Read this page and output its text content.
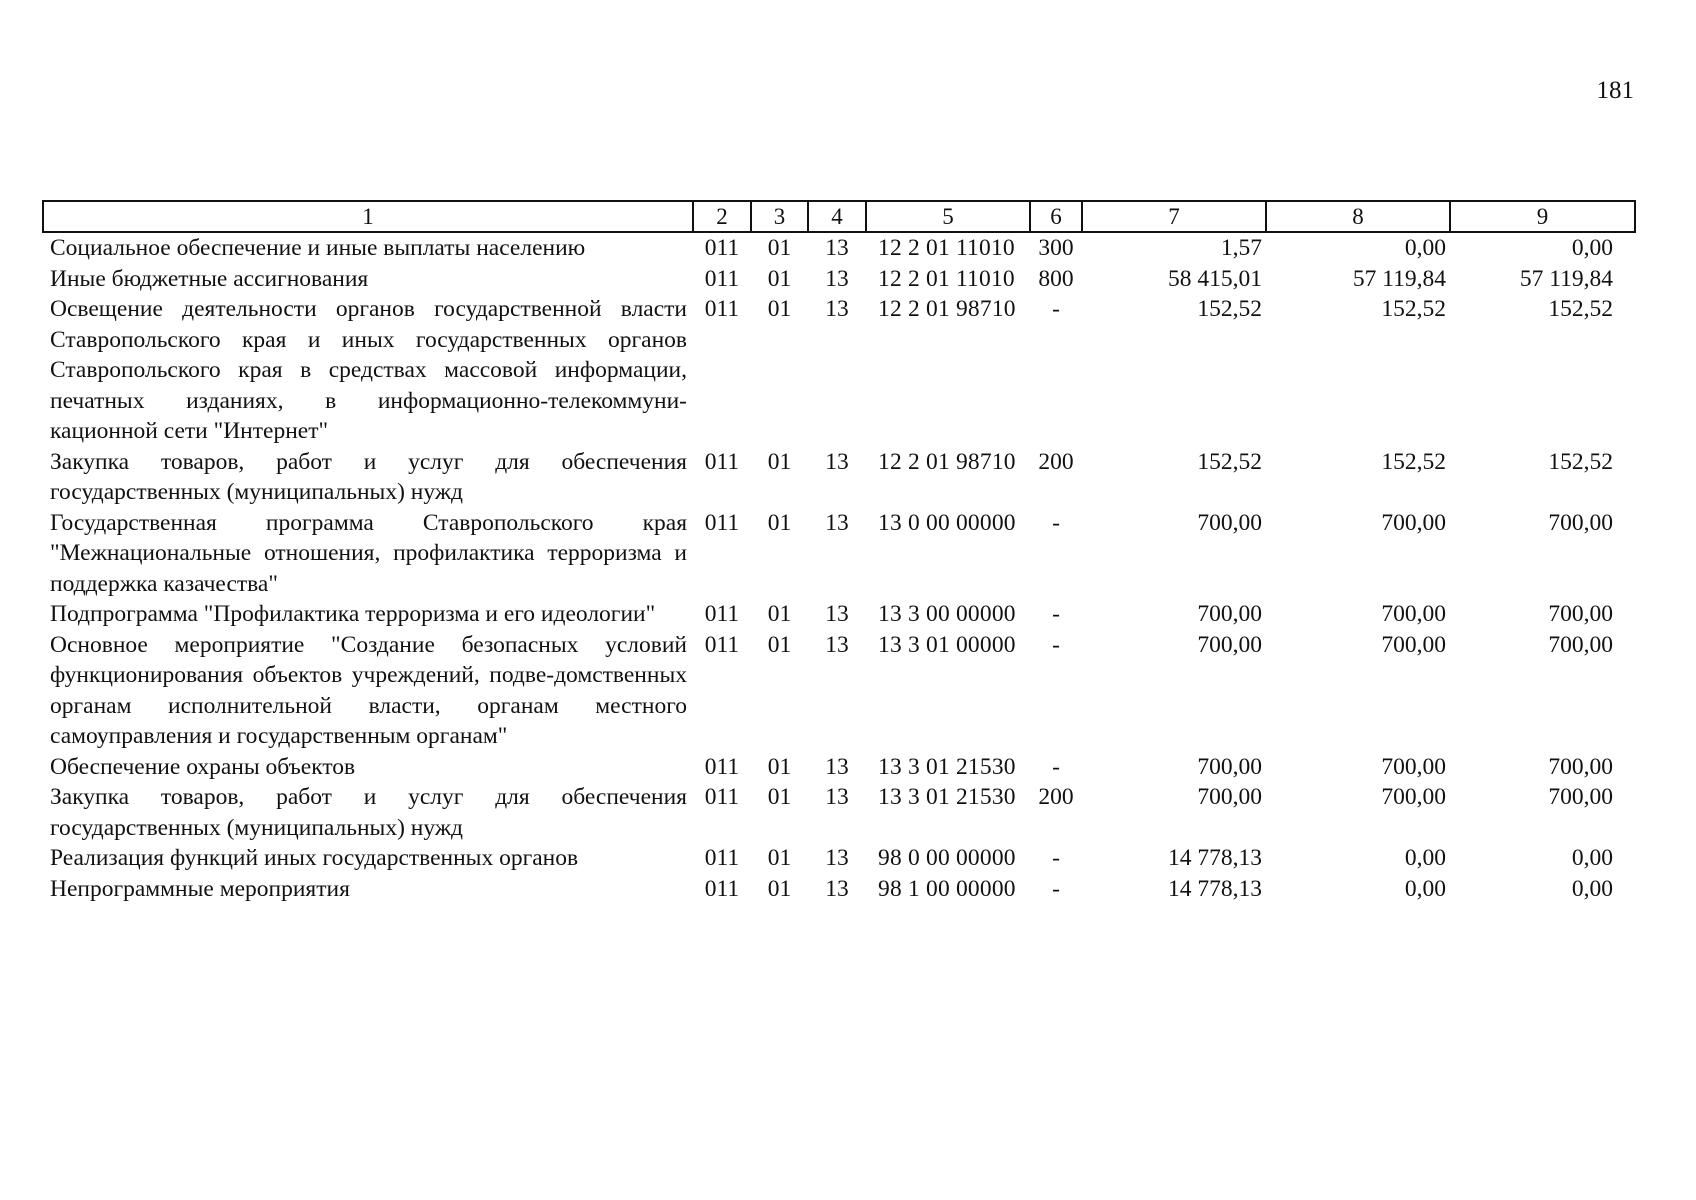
181
1	2	3	4	5	6	7	8	9
Социальное обеспечение и иные выплаты населению	011	01	13	12 2 01 11010	300	1,57	0,00	0,00
Иные бюджетные ассигнования	011	01	13	12 2 01 11010	800	58 415,01	57 119,84	57 119,84
Освещение деятельности органов государственной власти Ставропольского края и иных государственных органов Ставропольского края в средствах массовой информации, печатных изданиях, в информационно-телекоммуни-кационной сети "Интернет"	011	01	13	12 2 01 98710	-	152,52	152,52	152,52
Закупка товаров, работ и услуг для обеспечения государственных (муниципальных) нужд	011	01	13	12 2 01 98710	200	152,52	152,52	152,52
Государственная программа Ставропольского края "Межнациональные отношения, профилактика терроризма и поддержка казачества"	011	01	13	13 0 00 00000	-	700,00	700,00	700,00
Подпрограмма "Профилактика терроризма и его идеологии"	011	01	13	13 3 00 00000	-	700,00	700,00	700,00
Основное мероприятие "Создание безопасных условий функционирования объектов учреждений, подве-домственных органам исполнительной власти, органам местного самоуправления и государственным органам"	011	01	13	13 3 01 00000	-	700,00	700,00	700,00
Обеспечение охраны объектов	011	01	13	13 3 01 21530	-	700,00	700,00	700,00
Закупка товаров, работ и услуг для обеспечения государственных (муниципальных) нужд	011	01	13	13 3 01 21530	200	700,00	700,00	700,00
Реализация функций иных государственных органов	011	01	13	98 0 00 00000	-	14 778,13	0,00	0,00
Непрограммные мероприятия	011	01	13	98 1 00 00000	-	14 778,13	0,00	0,00
